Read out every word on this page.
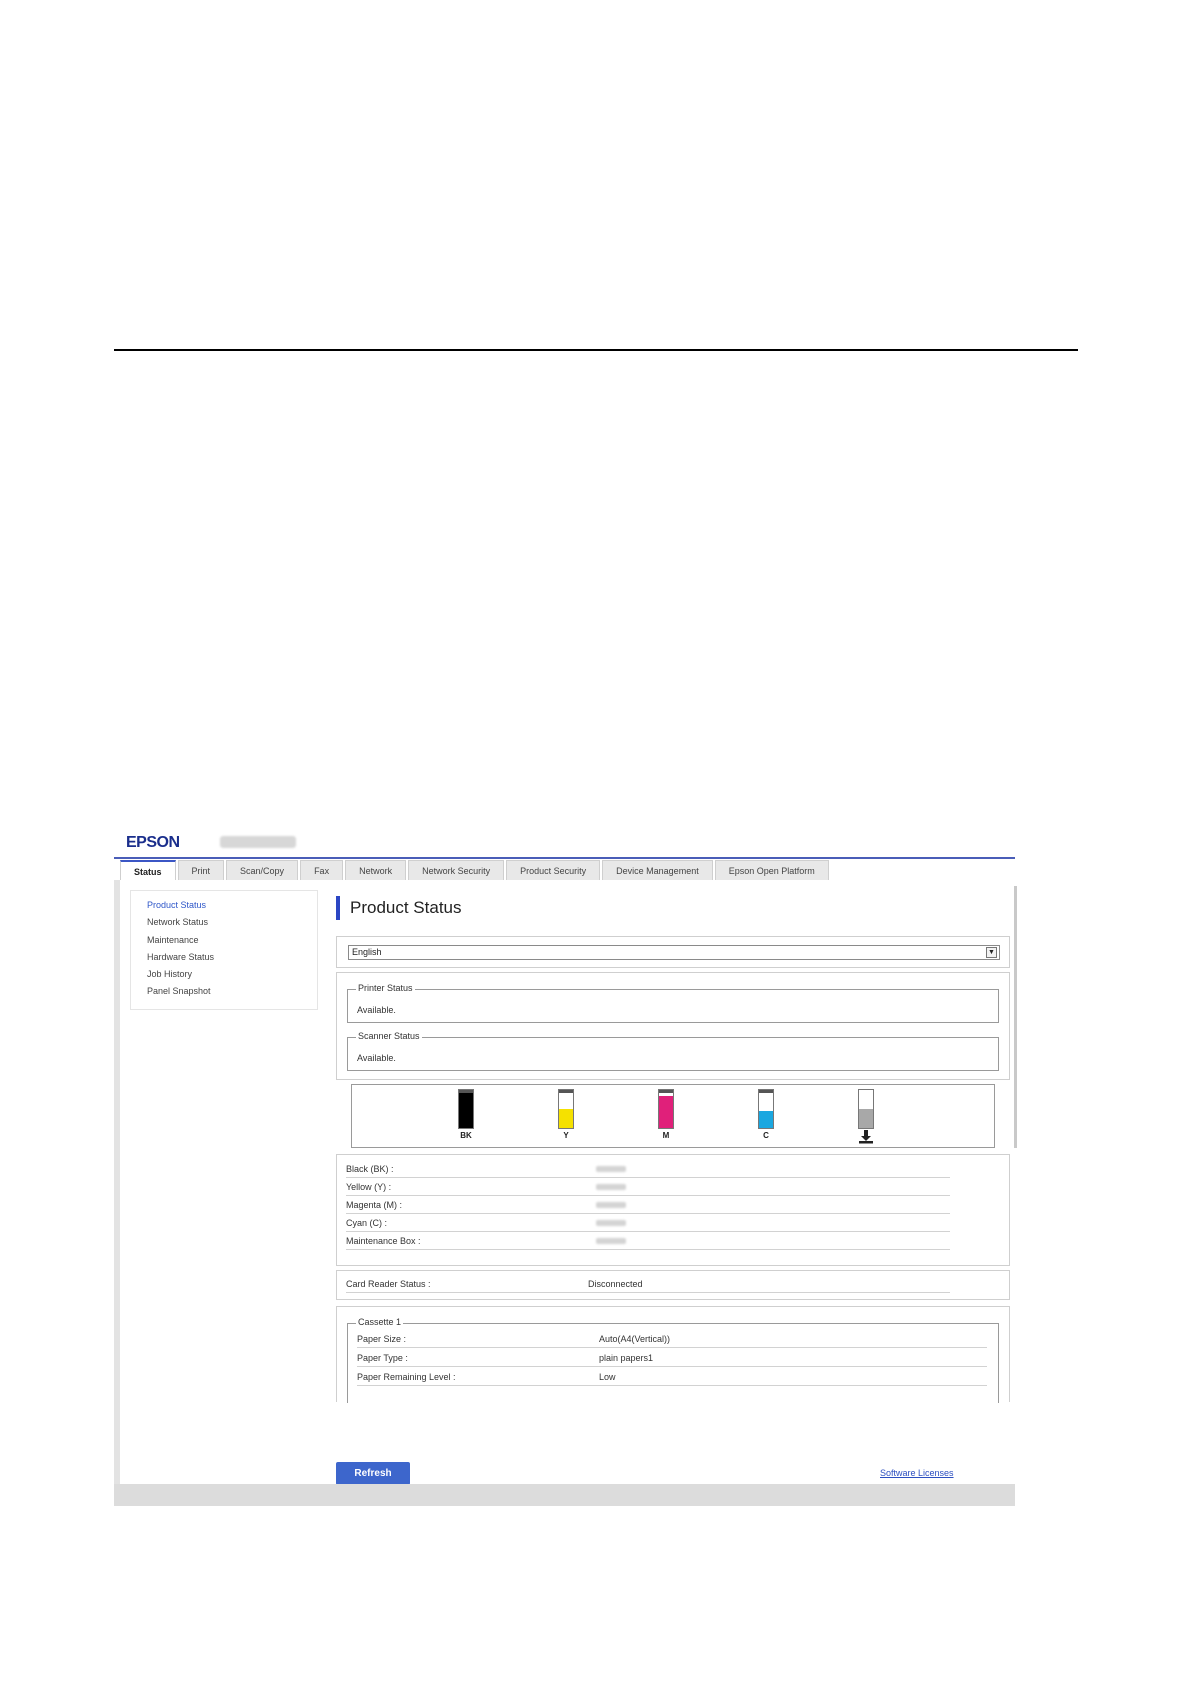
EPSON
Status	Print	Scan/Copy	Fax	Network	Network Security	Product Security	Device Management	Epson Open Platform
Product Status
Network Status
Maintenance
Hardware Status
Job History
Panel Snapshot
Product Status
English	▼
Printer Status
Available.
Scanner Status
Available.
BK	Y	M	C
Black (BK) :
Yellow (Y) :
Magenta (M) :
Cyan (C) :
Maintenance Box :
Card Reader Status :	Disconnected
Cassette 1
Paper Size :	Auto(A4(Vertical))
Paper Type :	plain papers1
Paper Remaining Level :	Low
Refresh	Software Licenses
